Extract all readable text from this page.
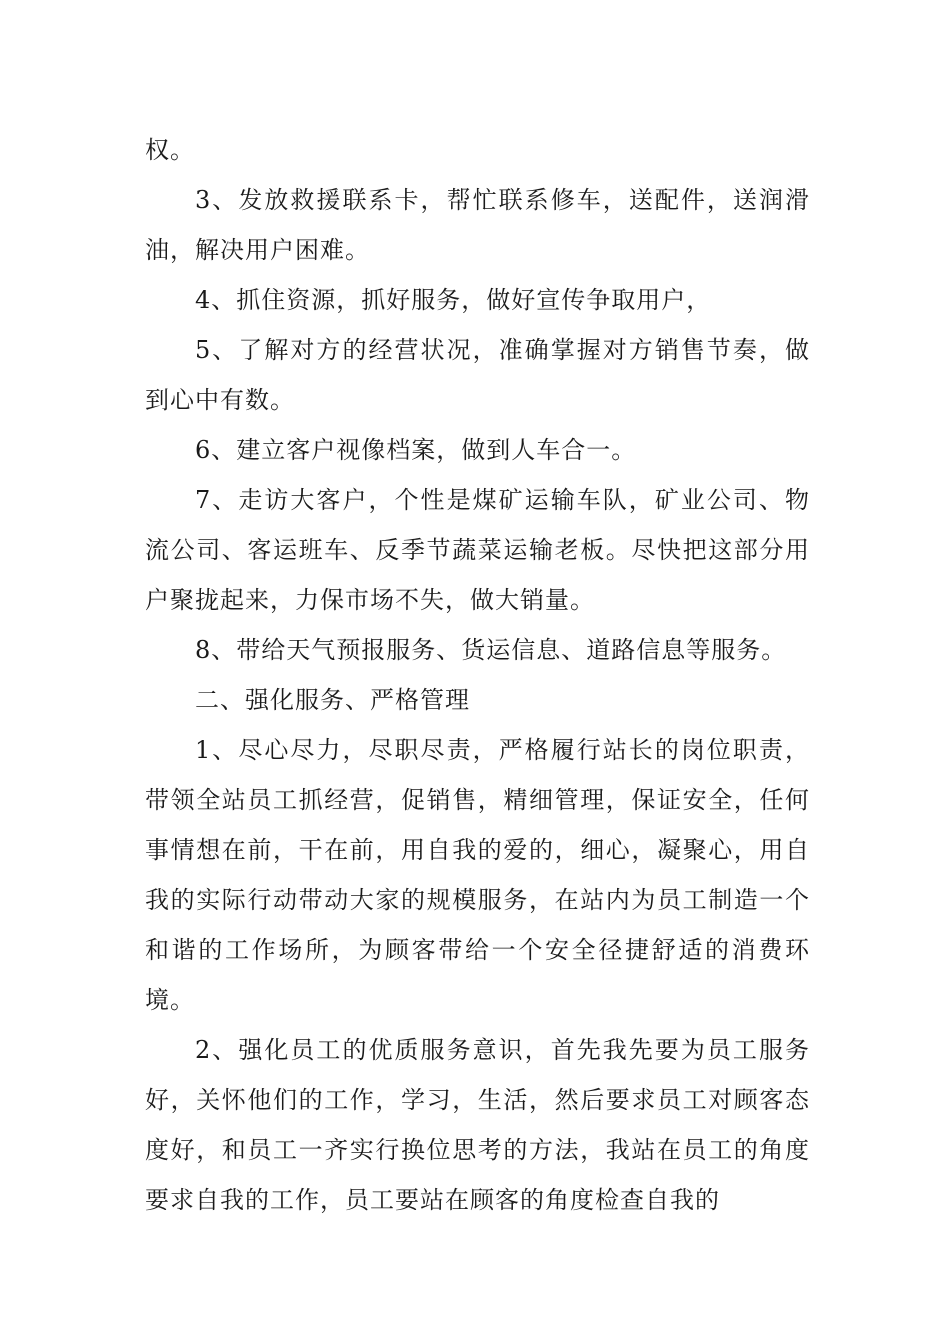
权。

3、发放救援联系卡，帮忙联系修车，送配件，送润滑油，解决用户困难。

4、抓住资源，抓好服务，做好宣传争取用户，

5、了解对方的经营状况，准确掌握对方销售节奏，做到心中有数。

6、建立客户视像档案，做到人车合一。

7、走访大客户，个性是煤矿运输车队，矿业公司、物流公司、客运班车、反季节蔬菜运输老板。尽快把这部分用户聚拢起来，力保市场不失，做大销量。

8、带给天气预报服务、货运信息、道路信息等服务。

二、强化服务、严格管理

1、尽心尽力，尽职尽责，严格履行站长的岗位职责，带领全站员工抓经营，促销售，精细管理，保证安全，任何事情想在前，干在前，用自我的爱的，细心，凝聚心，用自我的实际行动带动大家的规模服务，在站内为员工制造一个和谐的工作场所，为顾客带给一个安全径捷舒适的消费环境。

2、强化员工的优质服务意识，首先我先要为员工服务好，关怀他们的工作，学习，生活，然后要求员工对顾客态度好，和员工一齐实行换位思考的方法，我站在员工的角度要求自我的工作，员工要站在顾客的角度检查自我的
